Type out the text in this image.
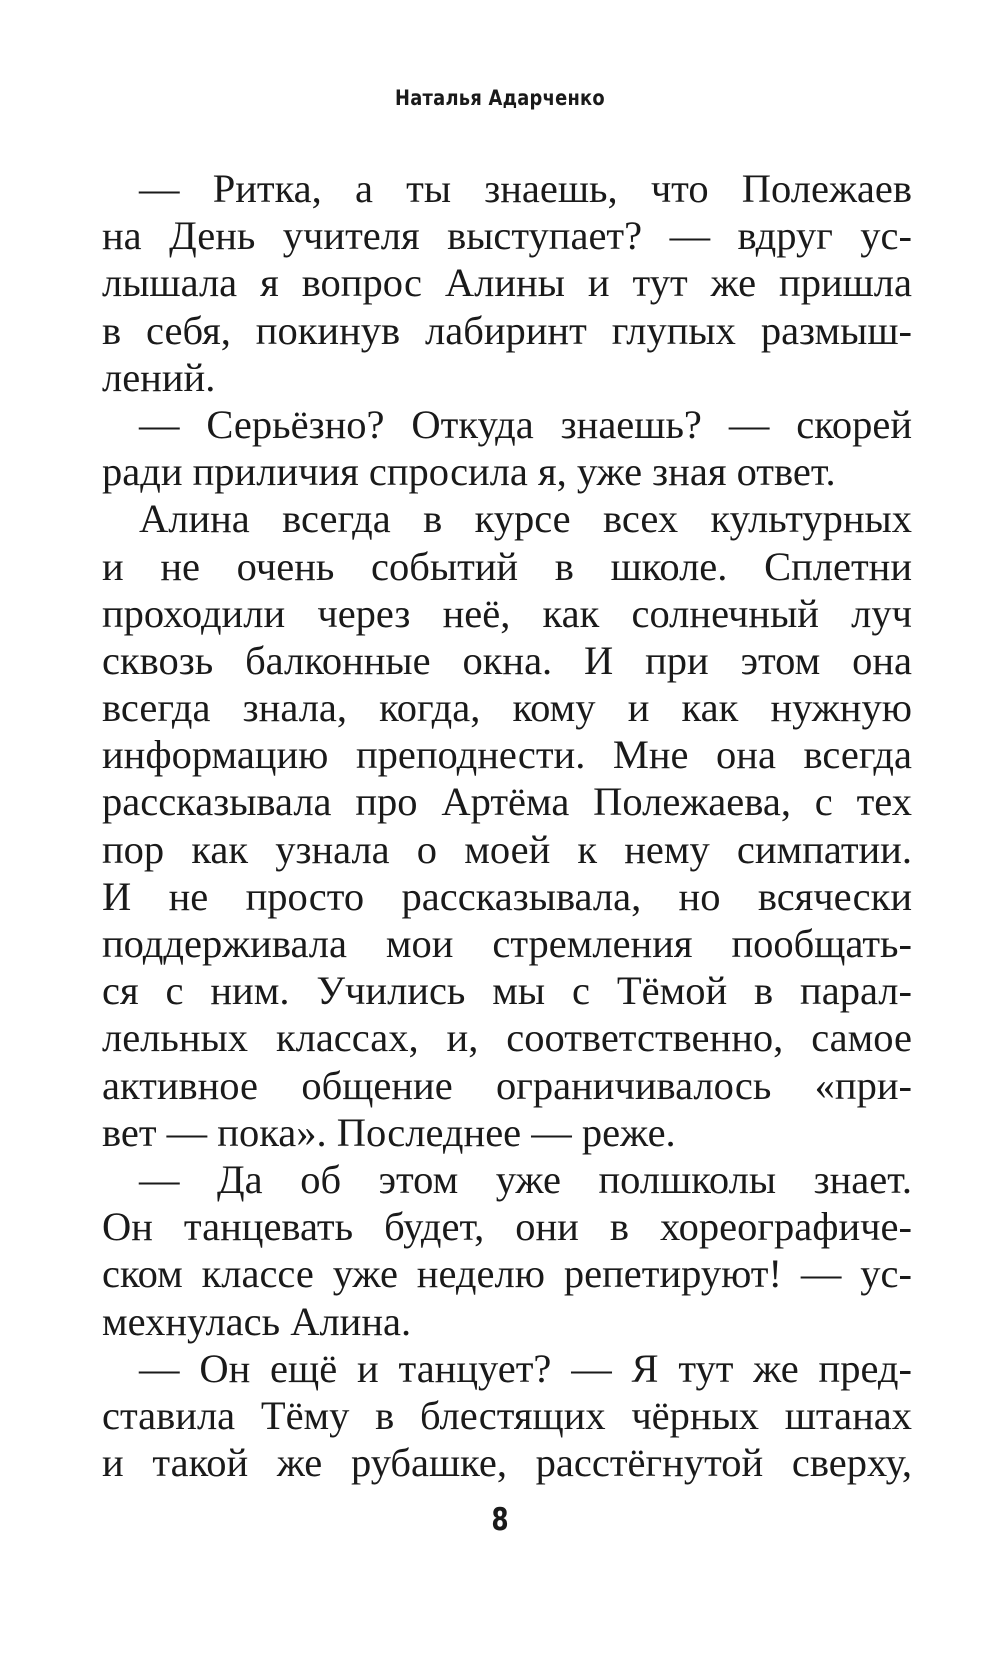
Наталья Адарченко
— Ритка, а ты знаешь, что Полежаев
на День учителя выступает? — вдруг ус-
лышала я вопрос Алины и тут же пришла
в себя, покинув лабиринт глупых размыш-
лений.
— Серьёзно? Откуда знаешь? — скорей
ради приличия спросила я, уже зная ответ.
Алина всегда в курсе всех культурных
и не очень событий в школе. Сплетни
проходили через неё, как солнечный луч
сквозь балконные окна. И при этом она
всегда знала, когда, кому и как нужную
информацию преподнести. Мне она всегда
рассказывала про Артёма Полежаева, с тех
пор как узнала о моей к нему симпатии.
И не просто рассказывала, но всячески
поддерживала мои стремления пообщать-
ся с ним. Учились мы с Тёмой в парал-
лельных классах, и, соответственно, самое
активное общение ограничивалось «при-
вет — пока». Последнее — реже.
— Да об этом уже полшколы знает.
Он танцевать будет, они в хореографиче-
ском классе уже неделю репетируют! — ус-
мехнулась Алина.
— Он ещё и танцует? — Я тут же пред-
ставила Тёму в блестящих чёрных штанах
и такой же рубашке, расстёгнутой сверху,
8
